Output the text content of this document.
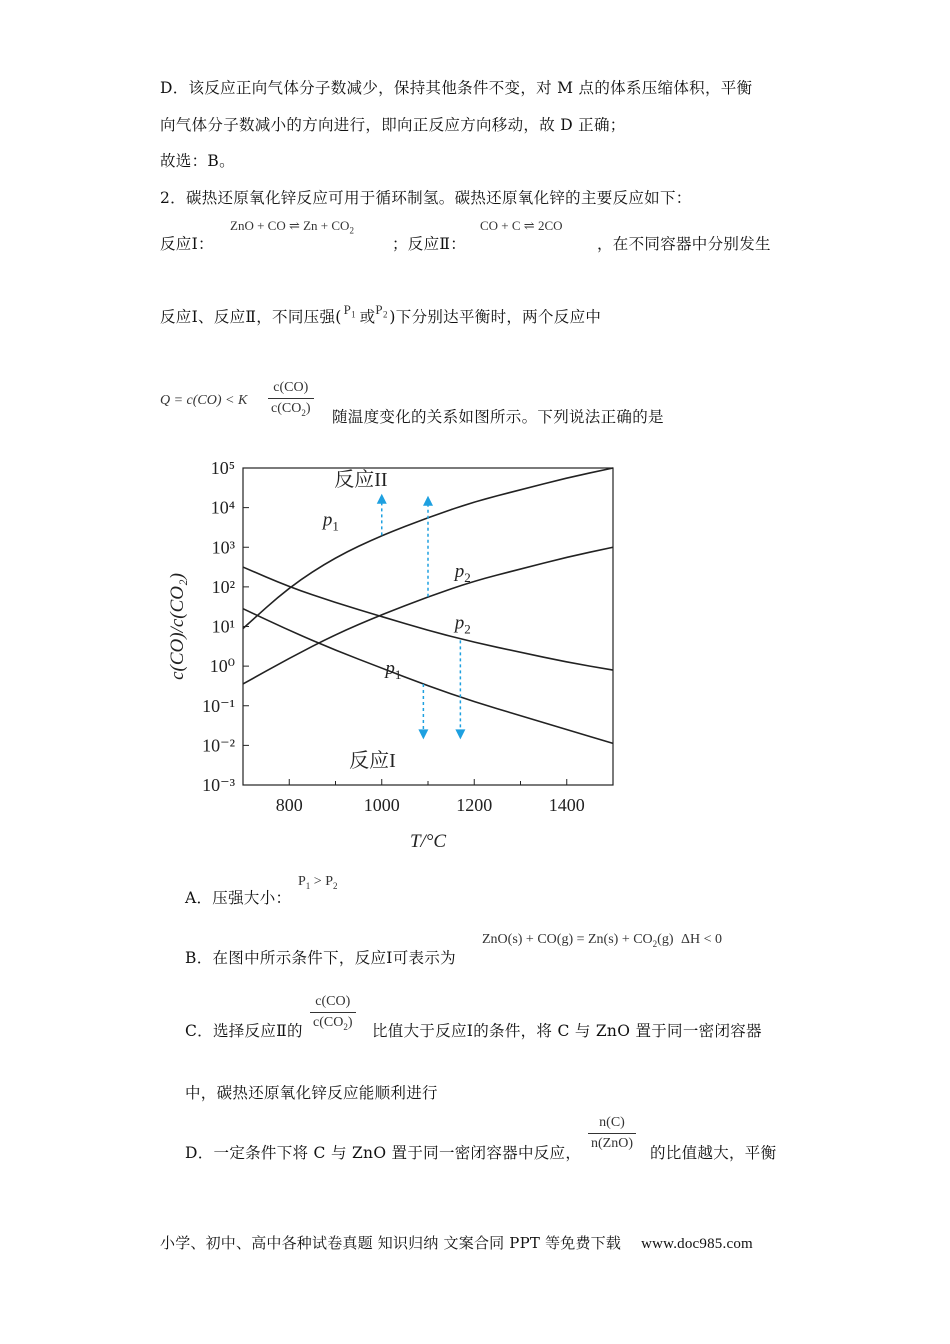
D．该反应正向气体分子数减少，保持其他条件不变，对 M 点的体系压缩体积，平衡
向气体分子数减小的方向进行，即向正反应方向移动，故 D 正确；
故选：B。
2．碳热还原氧化锌反应可用于循环制氢。碳热还原氧化锌的主要反应如下：
反应Ⅰ：
ZnO + CO ⇌ $Zn + CO_2$
；反应Ⅱ：
CO + C ⇌ 2CO
，在不同容器中分别发生
反应Ⅰ、反应Ⅱ，不同压强( $P_1$ 或 $P_2$ )下分别达平衡时，两个反应中
Q = c(CO) < K $\frac{c(CO)}{c(CO_2)}$ 随温度变化的关系如图所示。下列说法正确的是
10⁵
10⁴
10³
10²
10¹
10⁰
10⁻¹
10⁻²
10⁻³
800	1000	1200	1400
T/°C
c(CO)/c(CO₂)
反应II
反应I
$p_1$
$p_2$
$p_2$
$p_1$
A．压强大小：
$P_1 > P_2$
B．在图中所示条件下，反应Ⅰ可表示为
$ZnO(s) + CO(g) = Zn(s) + CO_2(g) \Delta H < 0$
C．选择反应Ⅱ的 $\frac{c(CO)}{c(CO_2)}$ 比值大于反应Ⅰ的条件，将 C 与 ZnO 置于同一密闭容器
中，碳热还原氧化锌反应能顺利进行
D．一定条件下将 C 与 ZnO 置于同一密闭容器中反应，
n(C)
n(ZnO)
的比值越大，平衡
小学、初中、高中各种试卷真题 知识归纳 文案合同 PPT 等免费下载 www.doc985.com
